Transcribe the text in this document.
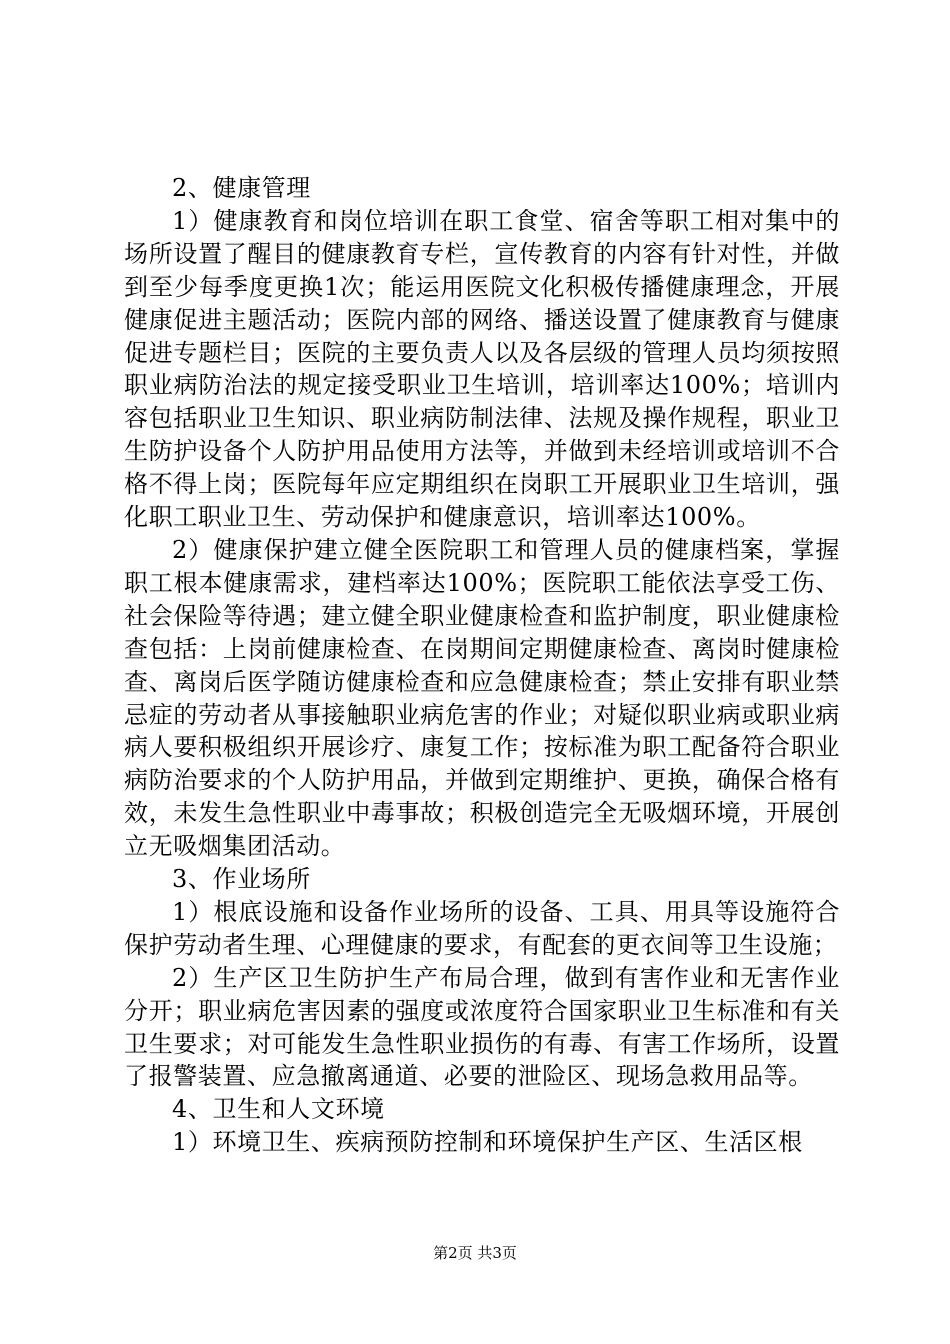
2、健康管理

1）健康教育和岗位培训在职工食堂、宿舍等职工相对集中的场所设置了醒目的健康教育专栏，宣传教育的内容有针对性，并做到至少每季度更换1次；能运用医院文化积极传播健康理念，开展健康促进主题活动；医院内部的网络、播送设置了健康教育与健康促进专题栏目；医院的主要负责人以及各层级的管理人员均须按照职业病防治法的规定接受职业卫生培训，培训率达100%；培训内容包括职业卫生知识、职业病防制法律、法规及操作规程，职业卫生防护设备个人防护用品使用方法等，并做到未经培训或培训不合格不得上岗；医院每年应定期组织在岗职工开展职业卫生培训，强化职工职业卫生、劳动保护和健康意识，培训率达100%。

2）健康保护建立健全医院职工和管理人员的健康档案，掌握职工根本健康需求，建档率达100%；医院职工能依法享受工伤、社会保险等待遇；建立健全职业健康检查和监护制度，职业健康检查包括：上岗前健康检查、在岗期间定期健康检查、离岗时健康检查、离岗后医学随访健康检查和应急健康检查；禁止安排有职业禁忌症的劳动者从事接触职业病危害的作业；对疑似职业病或职业病病人要积极组织开展诊疗、康复工作；按标准为职工配备符合职业病防治要求的个人防护用品，并做到定期维护、更换，确保合格有效，未发生急性职业中毒事故；积极创造完全无吸烟环境，开展创立无吸烟集团活动。

3、作业场所

1）根底设施和设备作业场所的设备、工具、用具等设施符合保护劳动者生理、心理健康的要求，有配套的更衣间等卫生设施；

2）生产区卫生防护生产布局合理，做到有害作业和无害作业分开；职业病危害因素的强度或浓度符合国家职业卫生标准和有关卫生要求；对可能发生急性职业损伤的有毒、有害工作场所，设置了报警装置、应急撤离通道、必要的泄险区、现场急救用品等。

4、卫生和人文环境

1）环境卫生、疾病预防控制和环境保护生产区、生活区根

第2页 共3页
